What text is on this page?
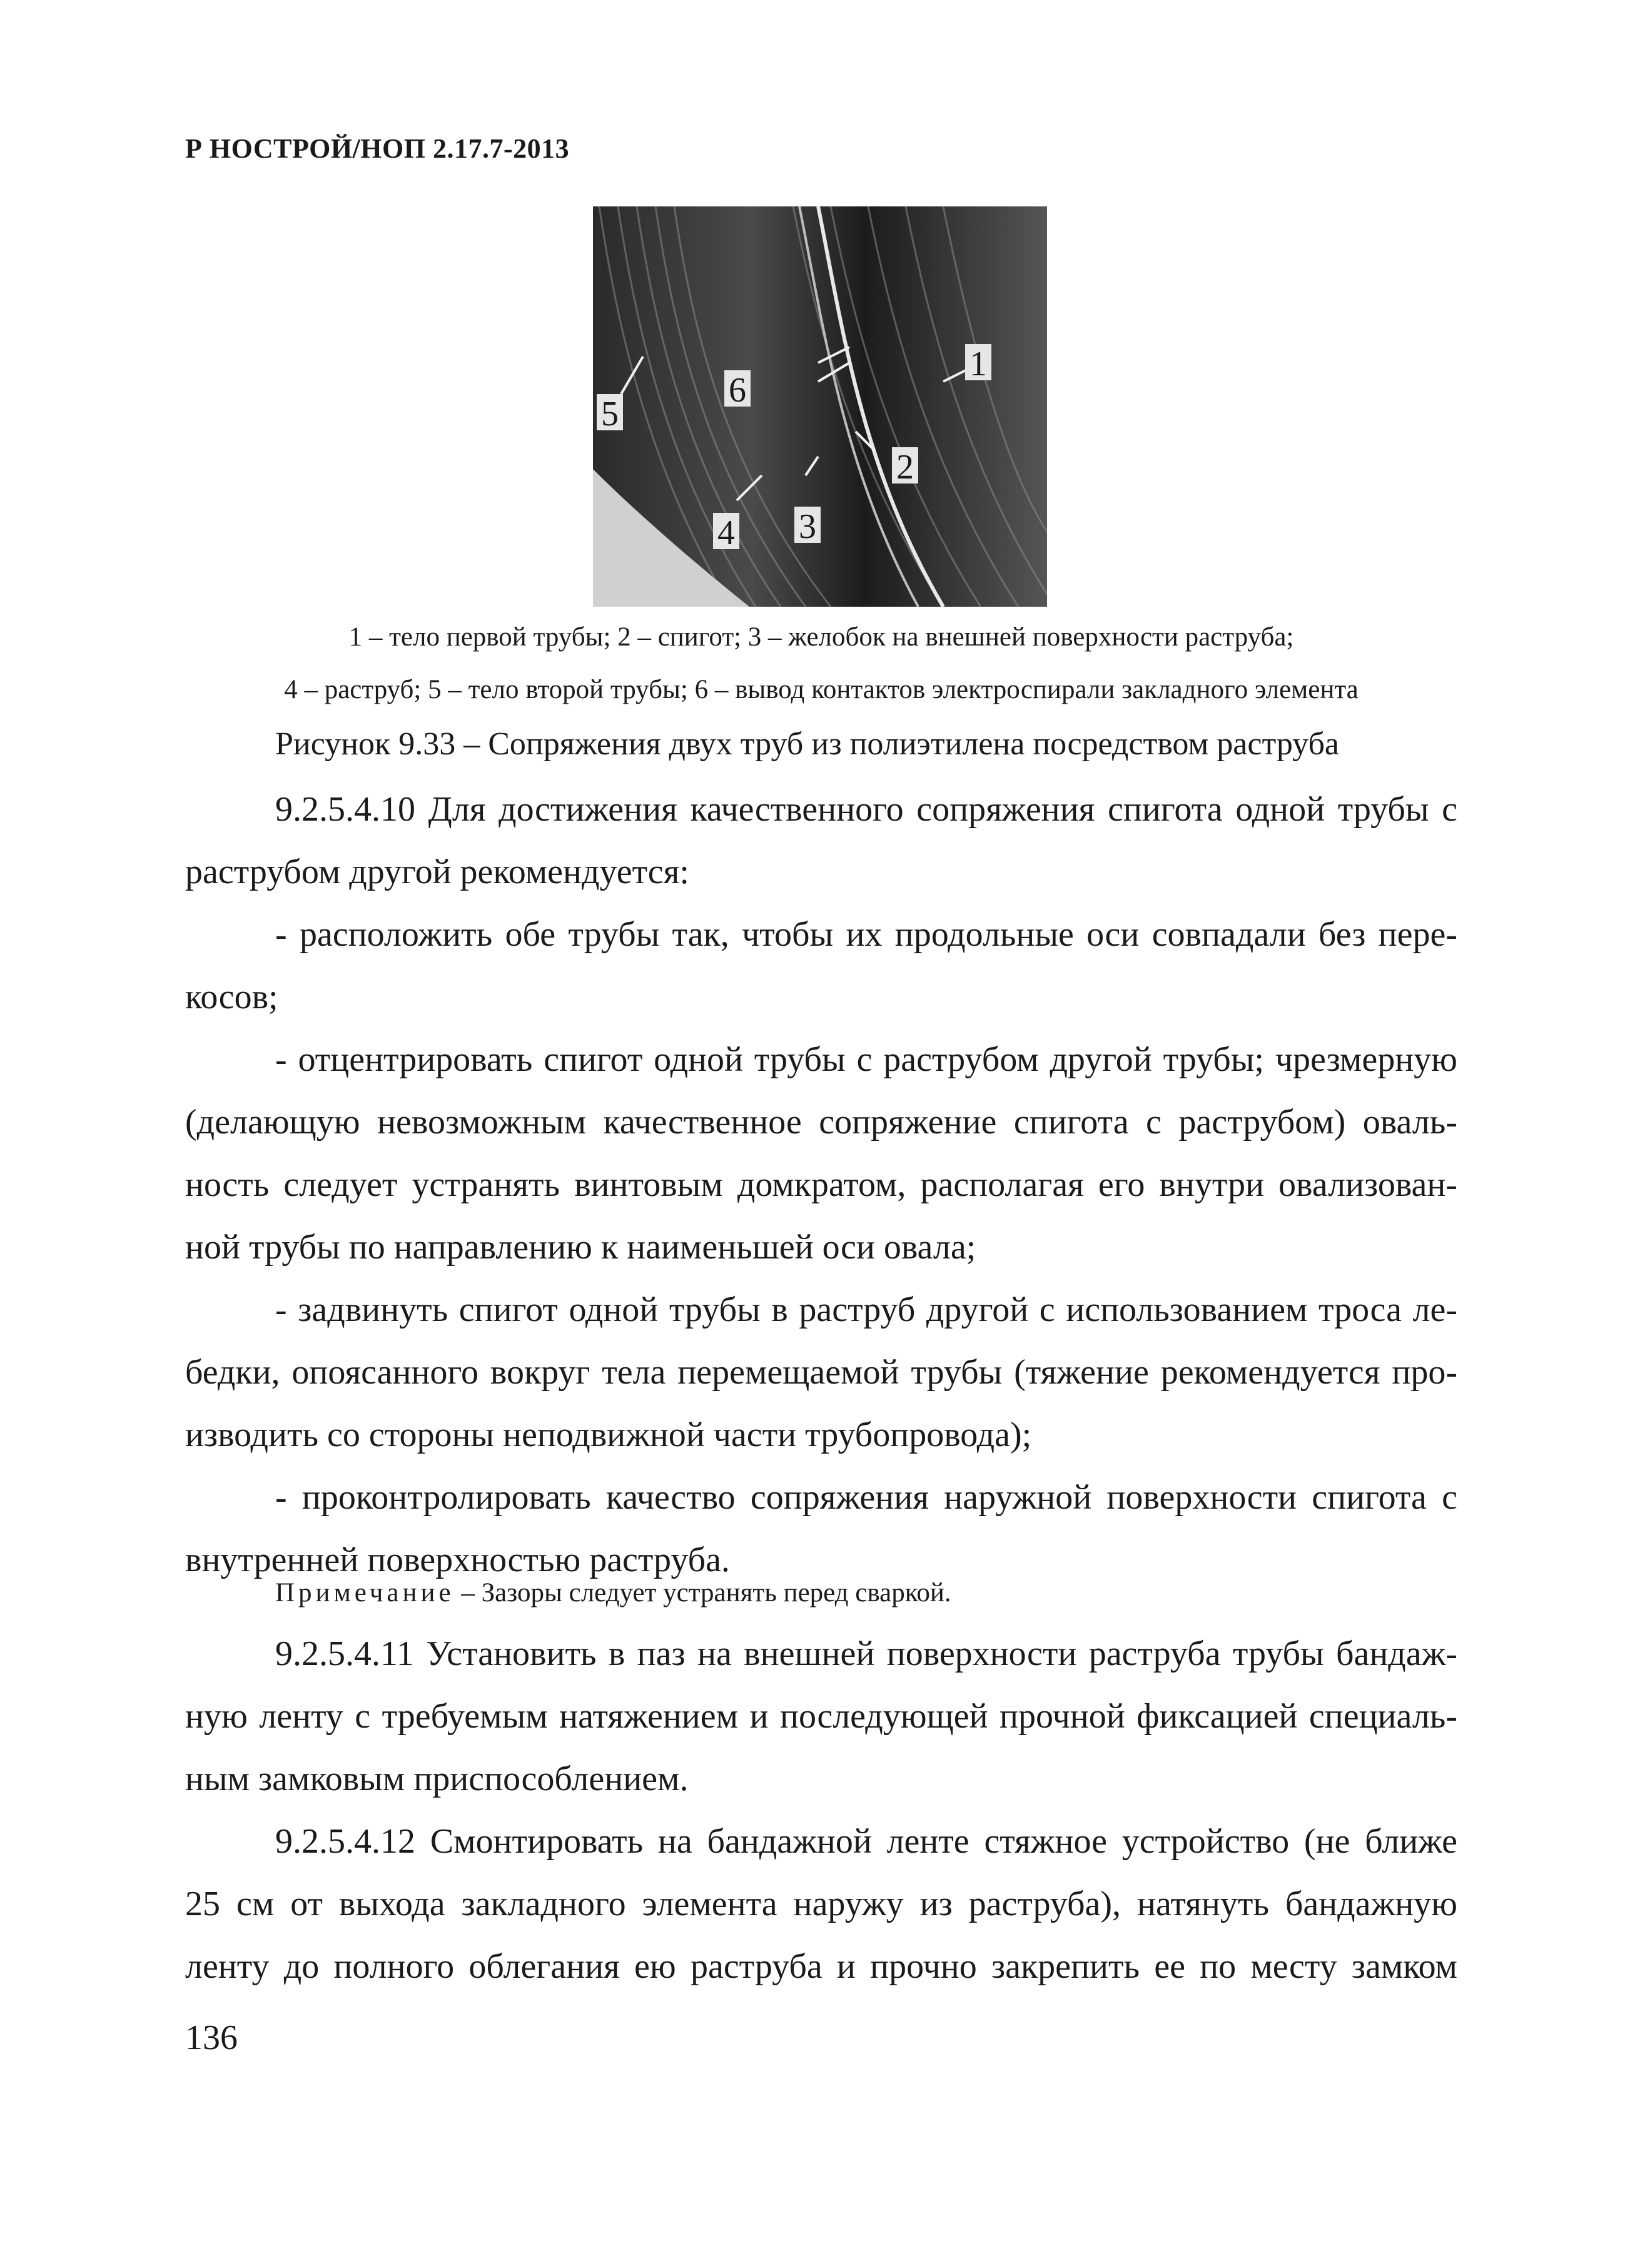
Р НОСТРОЙ/НОП 2.17.7-2013
1
2
3
4
5
6
1 – тело первой трубы; 2 – спигот; 3 – желобок на внешней поверхности раструба;
4 – раструб; 5 – тело второй трубы; 6 – вывод контактов электроспирали закладного элемента
Рисунок 9.33 – Сопряжения двух труб из полиэтилена посредством раструба
9.2.5.4.10 Для достижения качественного сопряжения спигота одной трубы с
раструбом другой рекомендуется:
- расположить обе трубы так, чтобы их продольные оси совпадали без пере-
косов;
- отцентрировать спигот одной трубы с раструбом другой трубы; чрезмерную
(делающую невозможным качественное сопряжение спигота с раструбом) оваль-
ность следует устранять винтовым домкратом, располагая его внутри овализован-
ной трубы по направлению к наименьшей оси овала;
- задвинуть спигот одной трубы в раструб другой с использованием троса ле-
бедки, опоясанного вокруг тела перемещаемой трубы (тяжение рекомендуется про-
изводить со стороны неподвижной части трубопровода);
- проконтролировать качество сопряжения наружной поверхности спигота с
внутренней поверхностью раструба.
Примечание – Зазоры следует устранять перед сваркой.
9.2.5.4.11 Установить в паз на внешней поверхности раструба трубы бандаж-
ную ленту с требуемым натяжением и последующей прочной фиксацией специаль-
ным замковым приспособлением.
9.2.5.4.12 Смонтировать на бандажной ленте стяжное устройство (не ближе
25 см от выхода закладного элемента наружу из раструба), натянуть бандажную
ленту до полного облегания ею раструба и прочно закрепить ее по месту замком
136
